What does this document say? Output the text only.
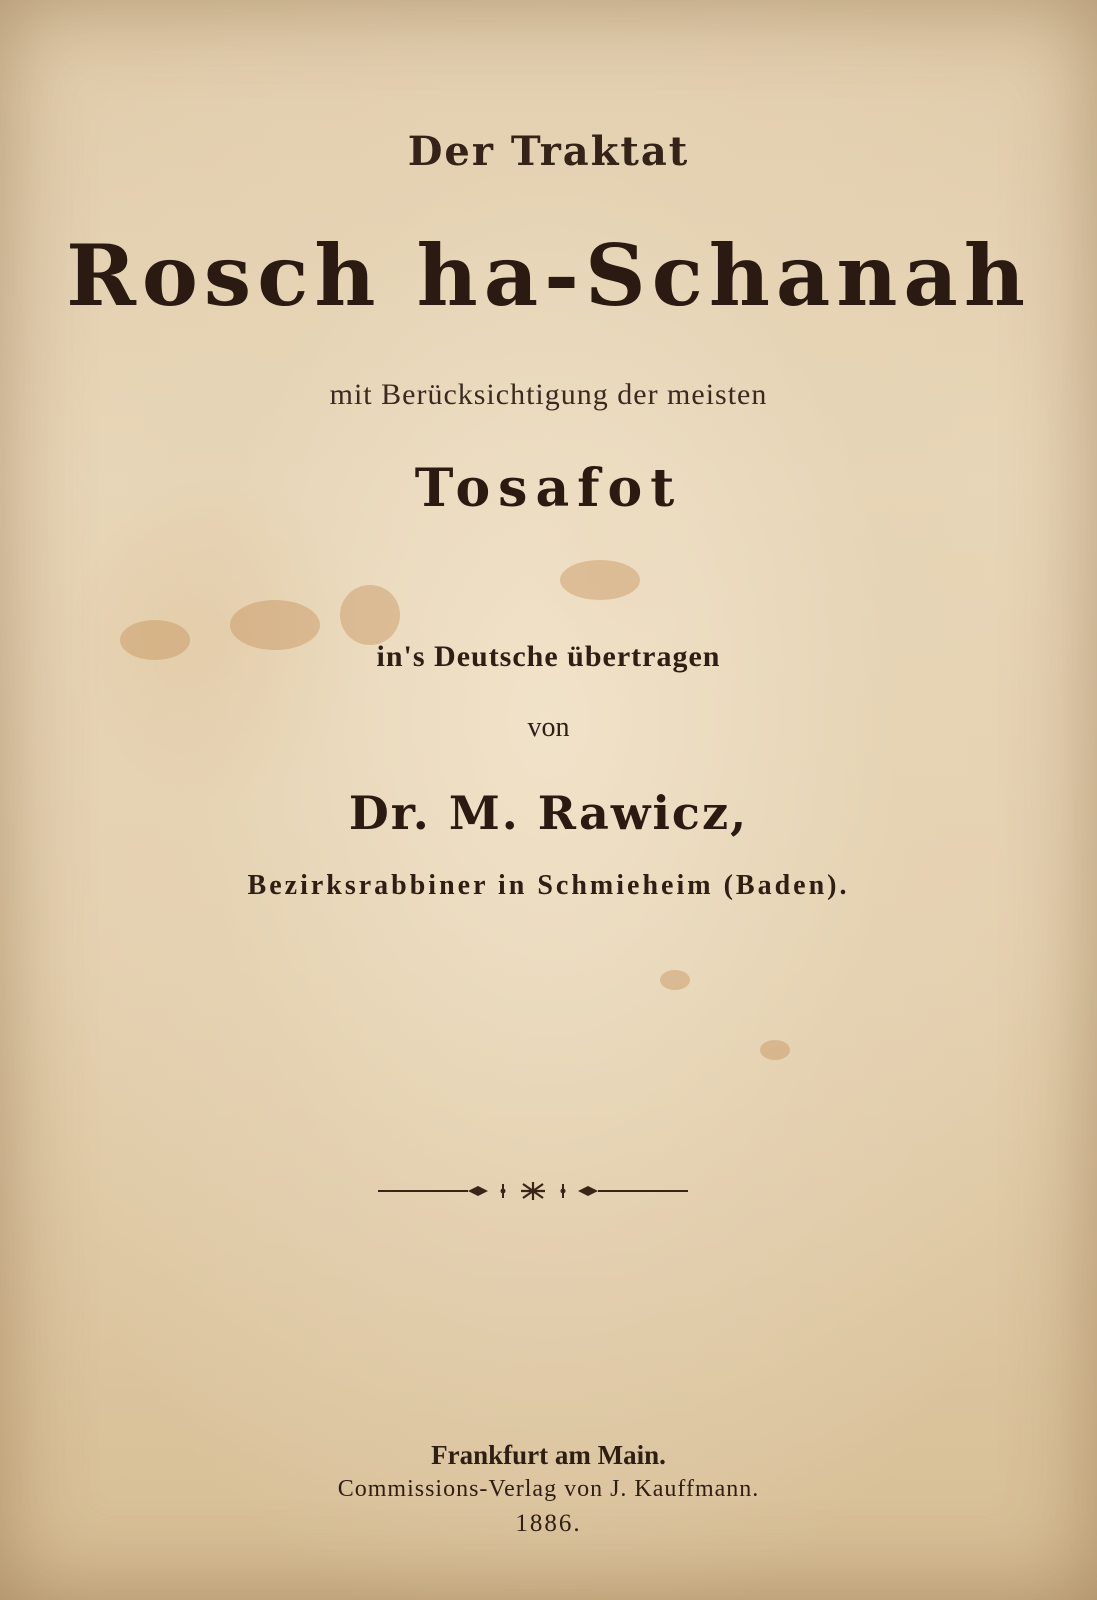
Der Traktat
Rosch ha-Schanah
mit Berücksichtigung der meisten
Tosafot
in's Deutsche übertragen
von
Dr. M. Rawicz,
Bezirksrabbiner in Schmieheim (Baden).
Frankfurt am Main.
Commissions-Verlag von J. Kauffmann.
1886.
